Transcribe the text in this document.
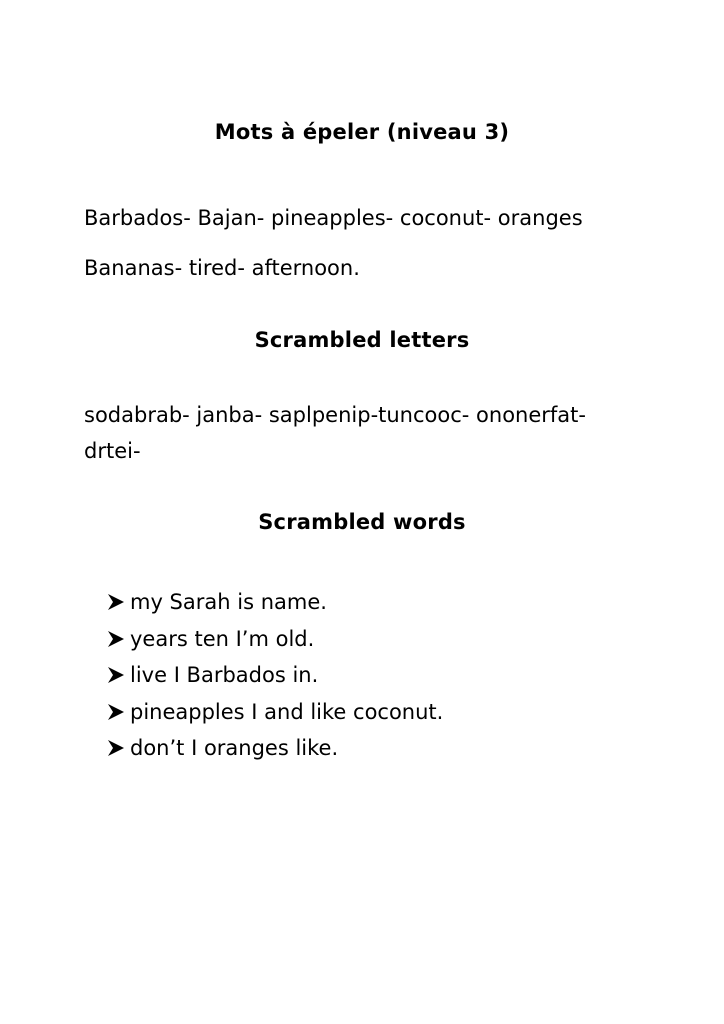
Mots à épeler (niveau 3)
Barbados- Bajan- pineapples- coconut- oranges
Bananas- tired- afternoon.
Scrambled letters
sodabrab- janba- saplpenip-tuncooc- ononerfat-
drtei-
Scrambled words
my Sarah is name.
years ten I’m old.
live I Barbados in.
pineapples I and like coconut.
don’t I oranges like.
